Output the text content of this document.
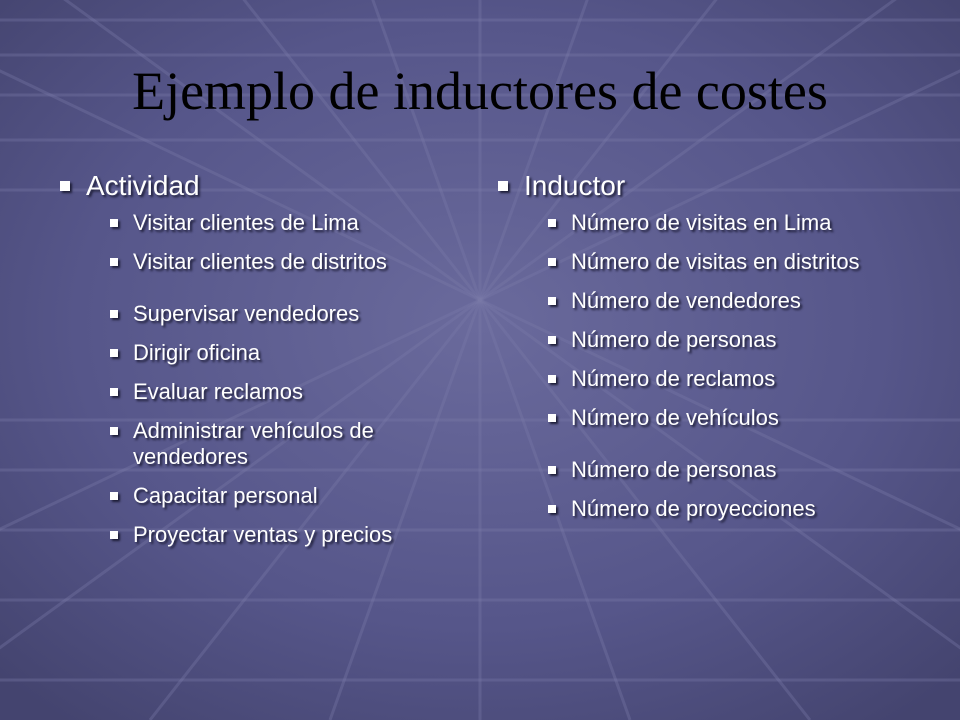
Ejemplo de inductores de costes
Actividad
Visitar clientes de Lima
Visitar clientes de distritos
Supervisar vendedores
Dirigir oficina
Evaluar reclamos
Administrar vehículos de vendedores
Capacitar personal
Proyectar ventas y precios
Inductor
Número de visitas en Lima
Número de visitas en distritos
Número de vendedores
Número de personas
Número de reclamos
Número de vehículos
Número de personas
Número de proyecciones
